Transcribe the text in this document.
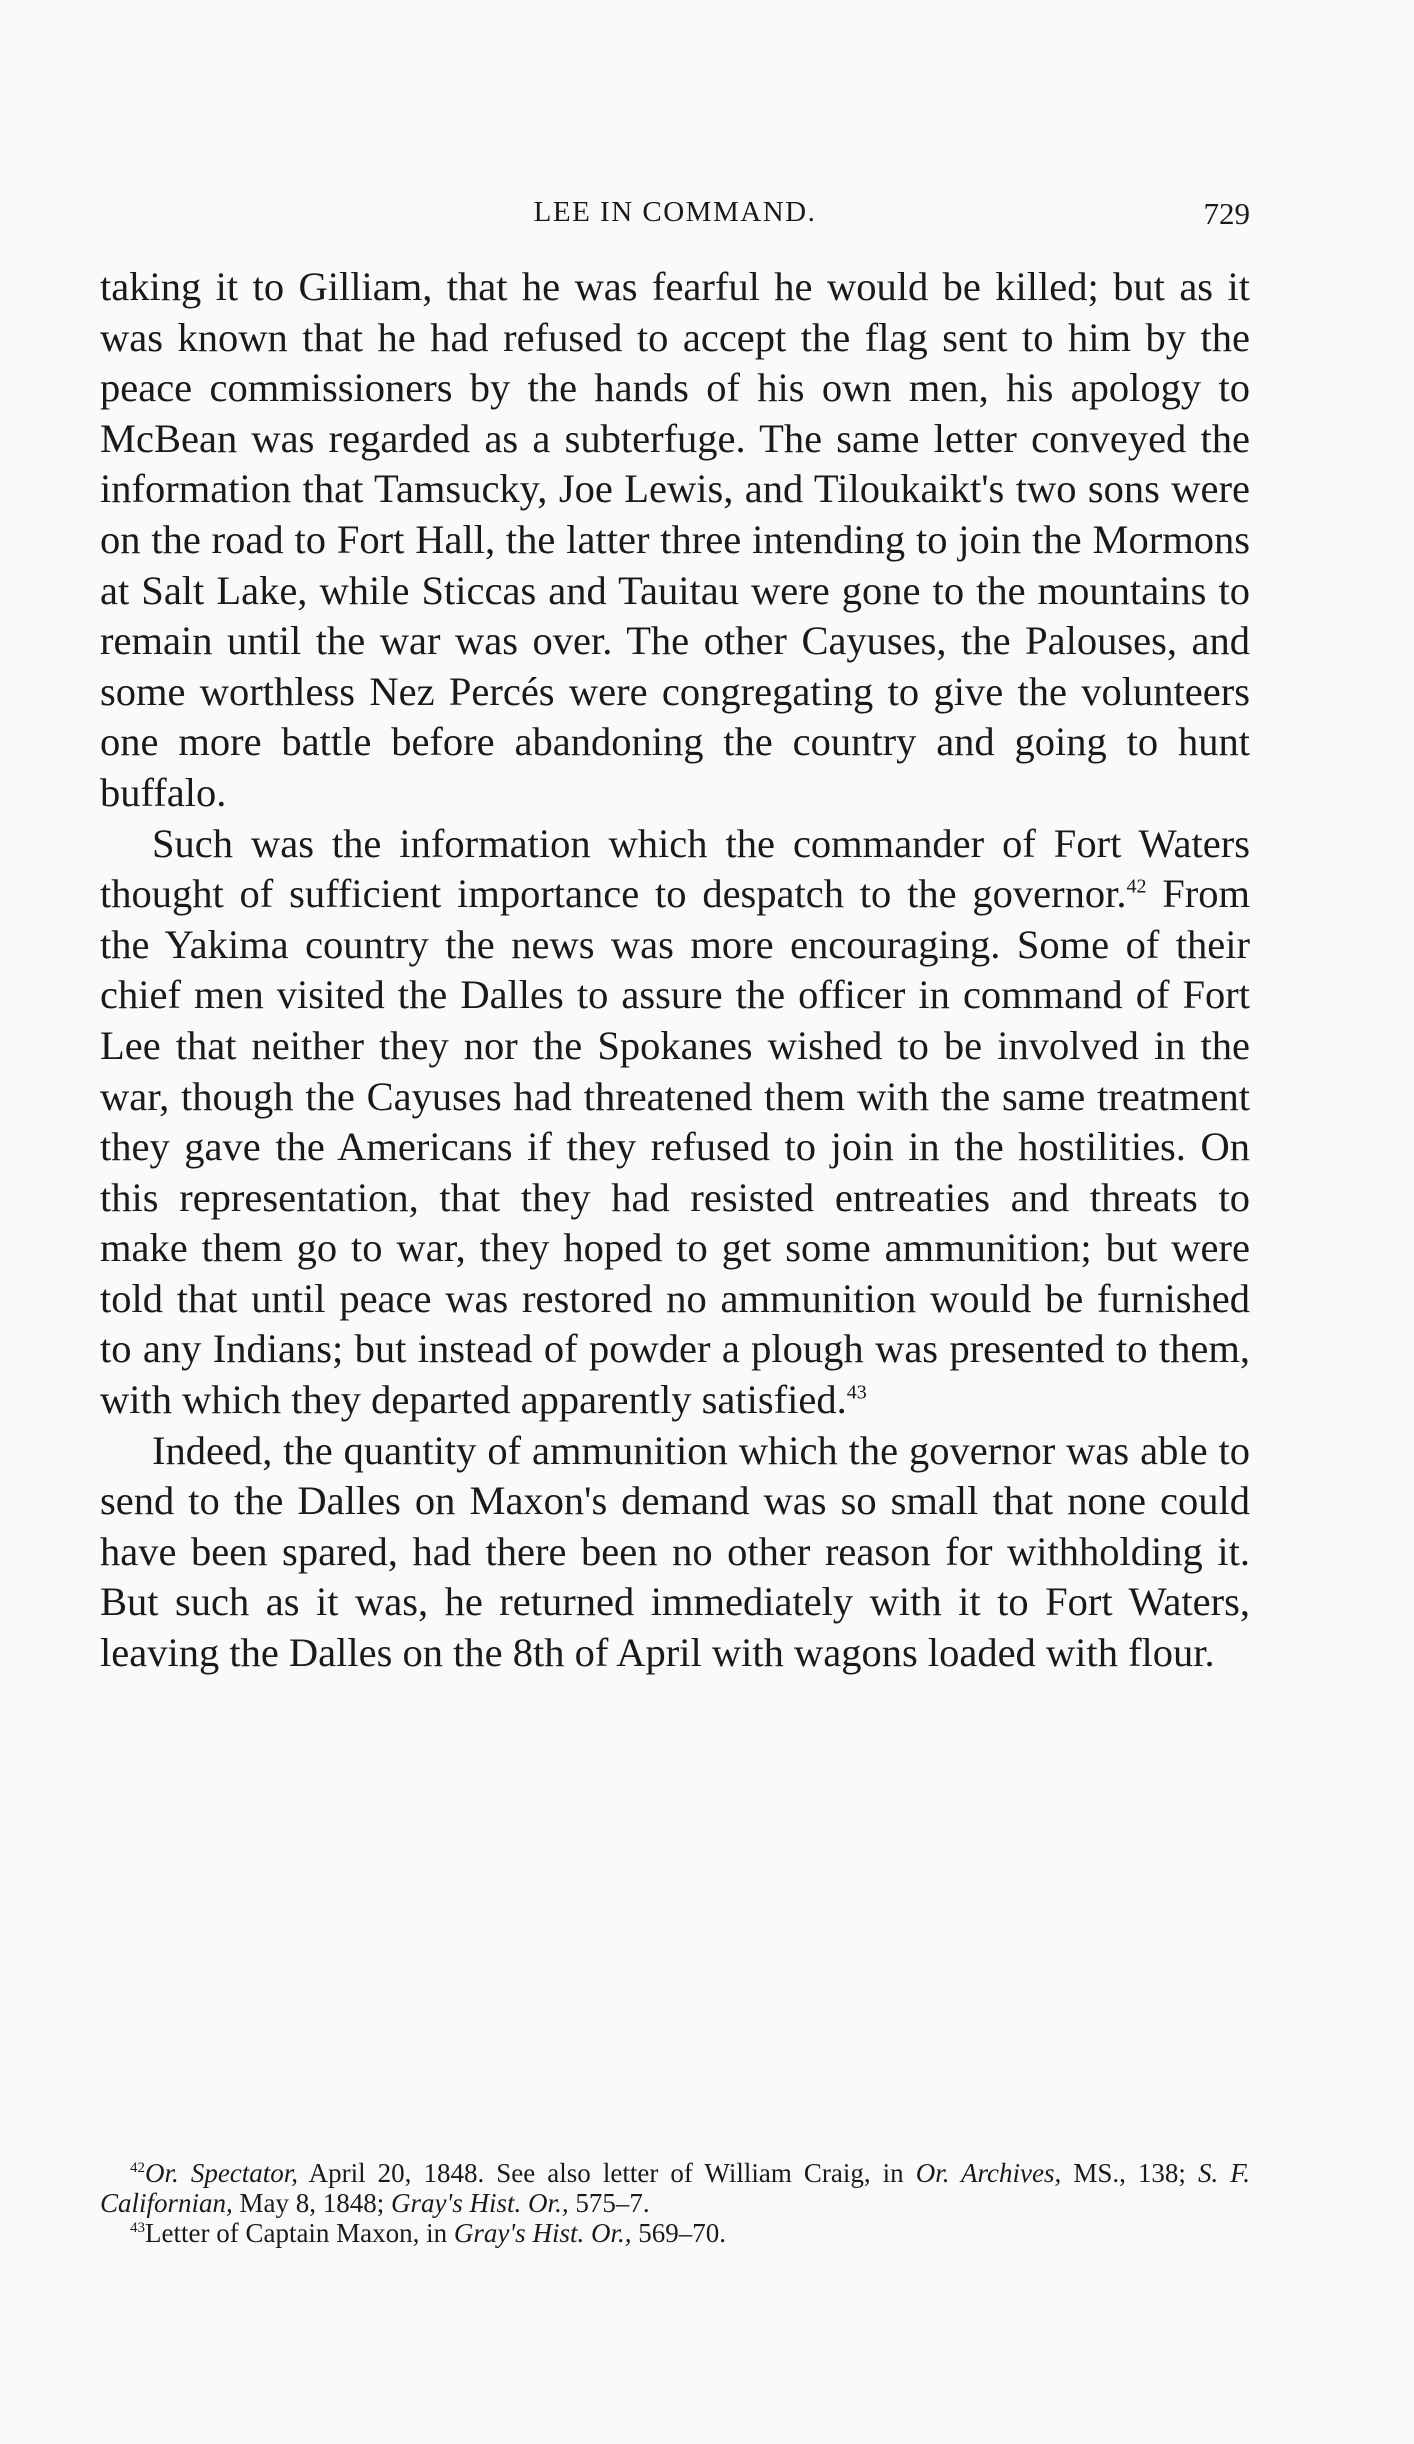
LEE IN COMMAND.	729

taking it to Gilliam, that he was fearful he would be killed; but as it was known that he had refused to accept the flag sent to him by the peace commissioners by the hands of his own men, his apology to McBean was regarded as a subterfuge. The same letter conveyed the information that Tamsucky, Joe Lewis, and Tiloukaikt's two sons were on the road to Fort Hall, the latter three intending to join the Mormons at Salt Lake, while Sticcas and Tauitau were gone to the mountains to remain until the war was over. The other Cayuses, the Palouses, and some worthless Nez Percés were congregating to give the volunteers one more battle before abandoning the country and going to hunt buffalo.

Such was the information which the commander of Fort Waters thought of sufficient importance to despatch to the governor.$^{42}$ From the Yakima country the news was more encouraging. Some of their chief men visited the Dalles to assure the officer in command of Fort Lee that neither they nor the Spokanes wished to be involved in the war, though the Cayuses had threatened them with the same treatment they gave the Americans if they refused to join in the hostilities. On this representation, that they had resisted entreaties and threats to make them go to war, they hoped to get some ammunition; but were told that until peace was restored no ammunition would be furnished to any Indians; but instead of powder a plough was presented to them, with which they departed apparently satisfied.$^{43}$

Indeed, the quantity of ammunition which the governor was able to send to the Dalles on Maxon's demand was so small that none could have been spared, had there been no other reason for withholding it. But such as it was, he returned immediately with it to Fort Waters, leaving the Dalles on the 8th of April with wagons loaded with flour.

$^{42}$Or. Spectator, April 20, 1848. See also letter of William Craig, in Or. Archives, MS., 138; S. F. Californian, May 8, 1848; Gray's Hist. Or., 575–7.

$^{43}$Letter of Captain Maxon, in Gray's Hist. Or., 569–70.
